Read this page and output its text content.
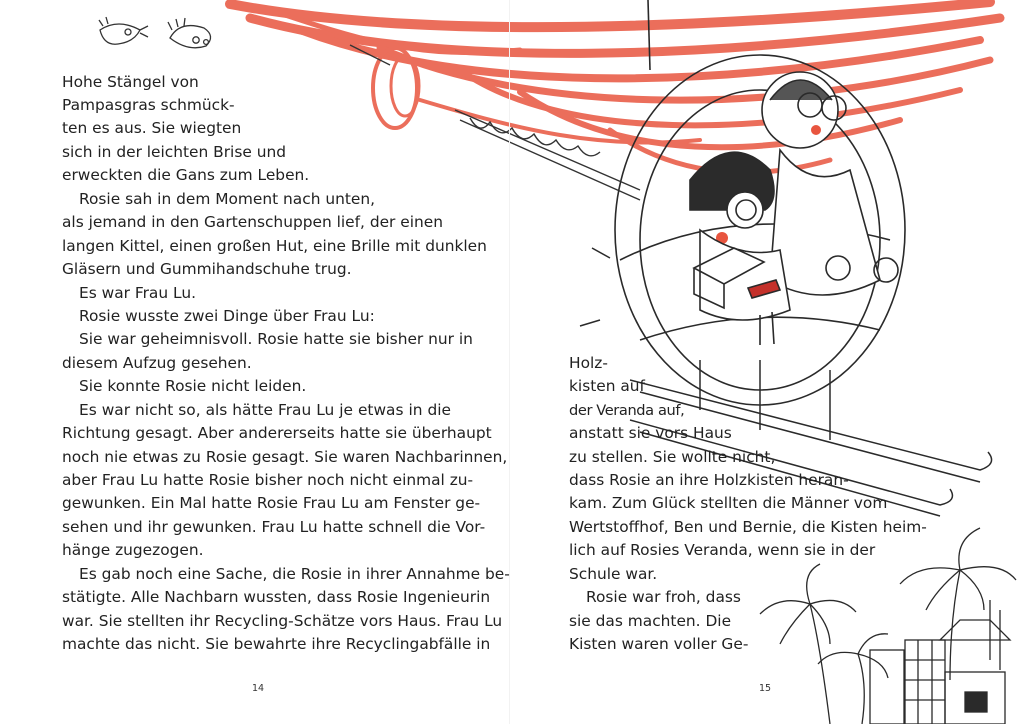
Hohe Stängel von
Pampasgras schmück-
ten es aus. Sie wiegten
sich in der leichten Brise und
erweckten die Gans zum Leben.
Rosie sah in dem Moment nach unten,
als jemand in den Gartenschuppen lief, der einen
langen Kittel, einen großen Hut, eine Brille mit dunklen
Gläsern und Gummihandschuhe trug.
Es war Frau Lu.
Rosie wusste zwei Dinge über Frau Lu:
Sie war geheimnisvoll. Rosie hatte sie bisher nur in
diesem Aufzug gesehen.
Sie konnte Rosie nicht leiden.
Es war nicht so, als hätte Frau Lu je etwas in die
Richtung gesagt. Aber andererseits hatte sie überhaupt
noch nie etwas zu Rosie gesagt. Sie waren Nachbarinnen,
aber Frau Lu hatte Rosie bisher noch nicht einmal zu-
gewunken. Ein Mal hatte Rosie Frau Lu am Fenster ge-
sehen und ihr gewunken. Frau Lu hatte schnell die Vor-
hänge zugezogen.
Es gab noch eine Sache, die Rosie in ihrer Annahme be-
stätigte. Alle Nachbarn wussten, dass Rosie Ingenieurin
war. Sie stellten ihr Recycling-Schätze vors Haus. Frau Lu
machte das nicht. Sie bewahrte ihre Recyclingabfälle in
14
Holz-
kisten auf
der Veranda auf,
anstatt sie vors Haus
zu stellen. Sie wollte nicht,
dass Rosie an ihre Holzkisten heran-
kam. Zum Glück stellten die Männer vom
Wertstoffhof, Ben und Bernie, die Kisten heim-
lich auf Rosies Veranda, wenn sie in der
Schule war.
Rosie war froh, dass
sie das machten. Die
Kisten waren voller Ge-
15
